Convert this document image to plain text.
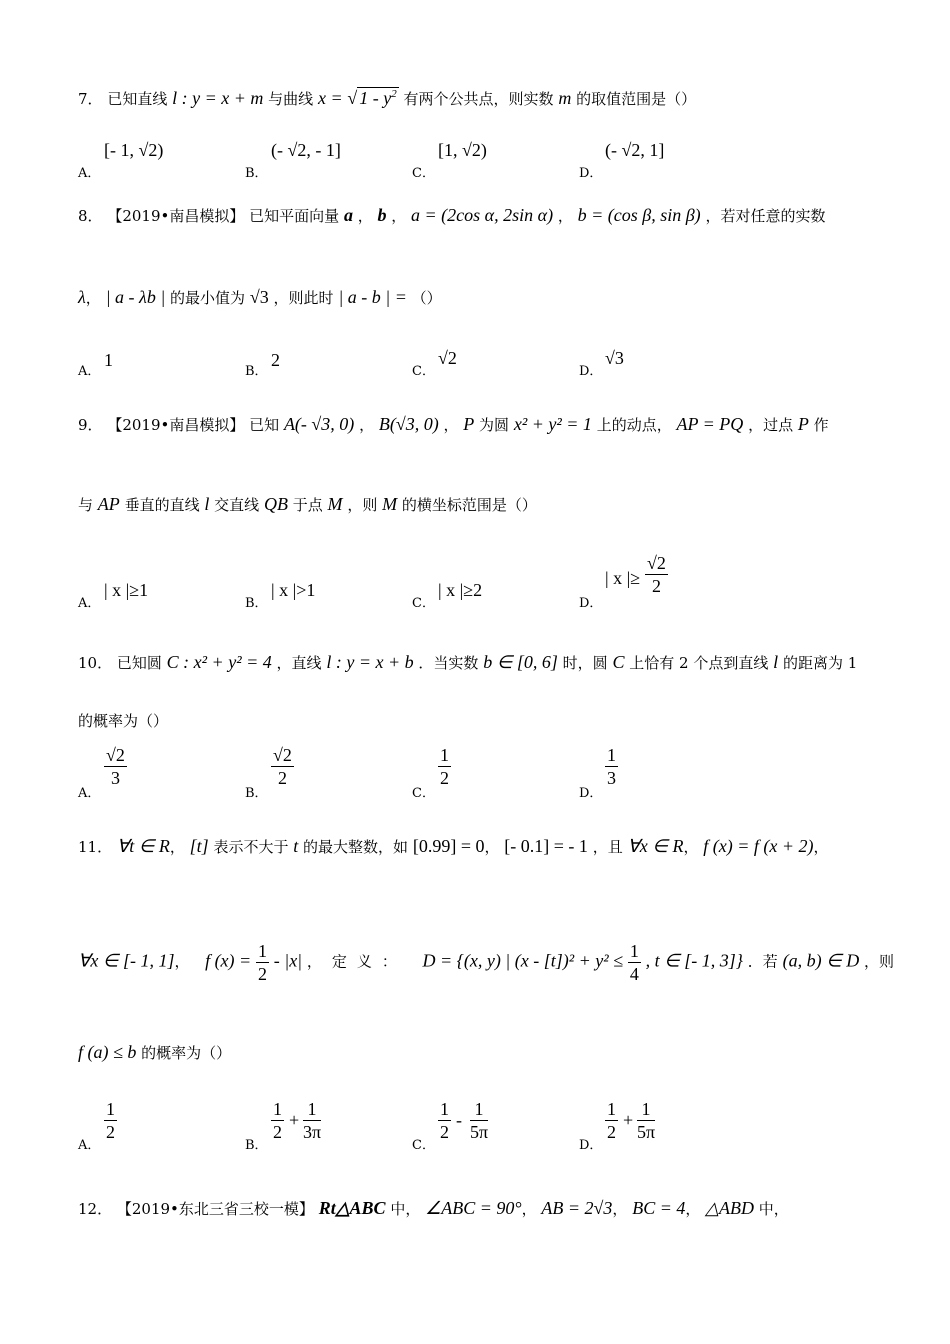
7． 已知直线 l : y = x + m 与曲线 x = √ $1 - y^2$ 有两个公共点，则实数 m 的取值范围是（）
A．
[- 1, √2)
B．
(- √2, - 1]
C．
[1, √2)
D．
(- √2, 1]
8． 【2019•南昌模拟】 已知平面向量 a ， b ， a = (2cos α, 2sin α) ， b = (cos β, sin β) ，若对任意的实数
λ， | a - λb | 的最小值为 √3 ，则此时 | a - b | = （）
A．
1
B．
2
C．
√2
D．
√3
9． 【2019•南昌模拟】 已知 A(- √3, 0) ， B(√3, 0) ， P 为圆 x² + y² = 1 上的动点， AP = PQ ，过点 P 作
与 AP 垂直的直线 l 交直线 QB 于点 M ，则 M 的横坐标范围是（）
A．
| x |≥1
B．
| x |>1
C．
| x |≥2
D．
| x |≥ $\frac{√2}{2}$
10． 已知圆 C : x² + y² = 4 ，直线 l : y = x + b ．当实数 b ∈ [0, 6] 时，圆 C 上恰有 2 个点到直线 l 的距离为 1
的概率为（）
A．
$\frac{√2}{3}$
B．
$\frac{√2}{2}$
C．
$\frac{1}{2}$
D．
$\frac{1}{3}$
11． ∀t ∈ R， [t] 表示不大于 t 的最大整数，如 [0.99] = 0， [- 0.1] = - 1 ，且 ∀x ∈ R， f (x) = f (x + 2)，
∀x ∈ [- 1, 1]，  f $(x) = \frac{1}{2} - |x|$ ，定义： D = {(x, y) | $(x - [t])^2 + y^2 \le \frac{1}{4}$ , t ∈ [- 1, 3]} ．若 (a, b) ∈ D ，则
f (a) ≤ b 的概率为（）
A．
$\frac{1}{2}$
B．
$\frac{1}{2} + \frac{1}{3\pi}$
C．
$\frac{1}{2} - \frac{1}{5\pi}$
D．
$\frac{1}{2} + \frac{1}{5\pi}$
12． 【2019•东北三省三校一模】 Rt△ABC 中， ∠ABC = 90°， AB = 2√3， BC = 4， △ABD 中，
